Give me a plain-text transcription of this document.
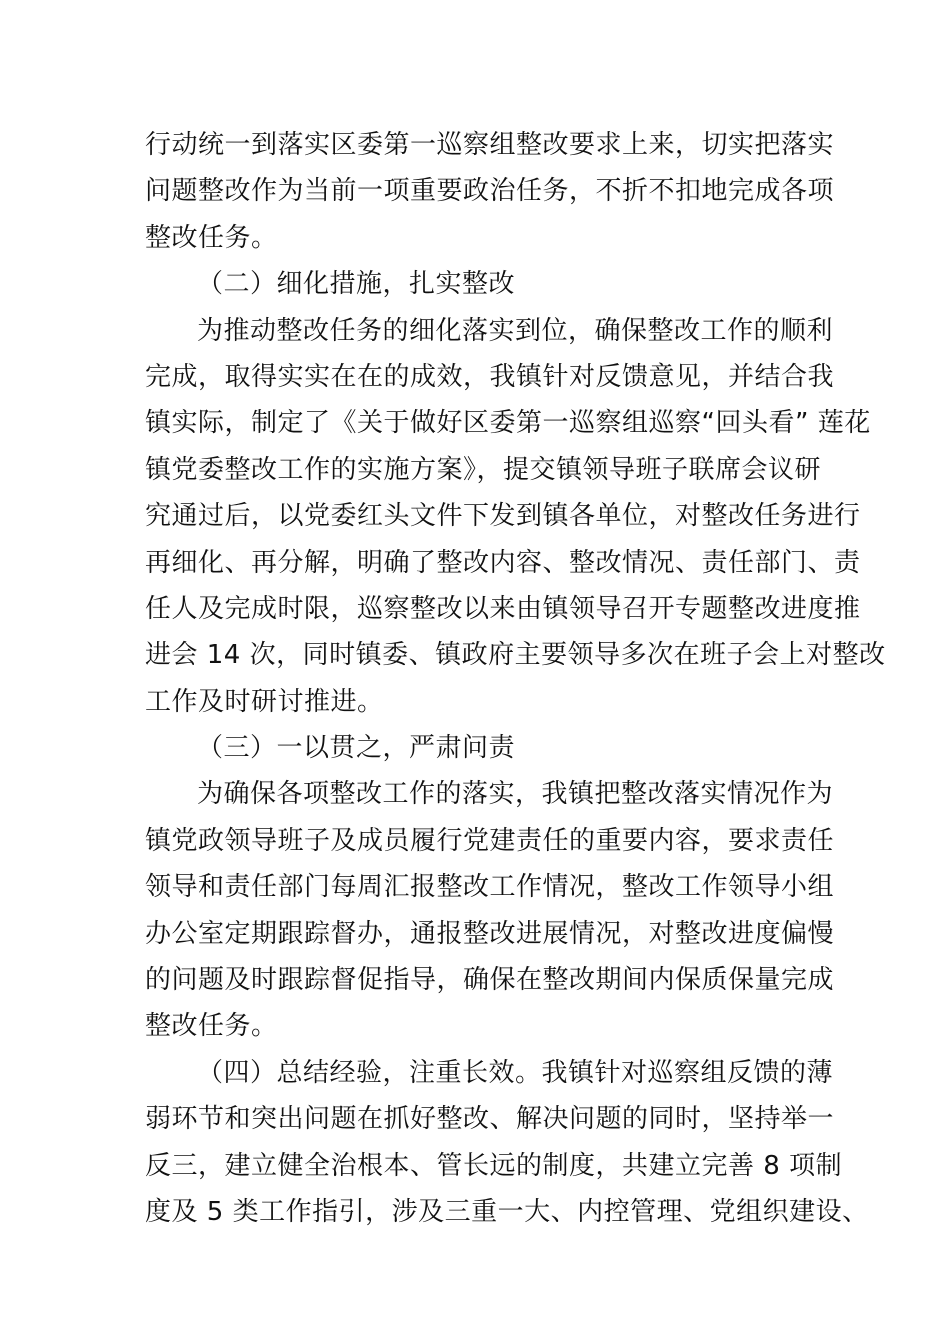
行动统一到落实区委第一巡察组整改要求上来，切实把落实
问题整改作为当前一项重要政治任务，不折不扣地完成各项
整改任务。
（二）细化措施，扎实整改
为推动整改任务的细化落实到位，确保整改工作的顺利
完成，取得实实在在的成效，我镇针对反馈意见，并结合我
镇实际，制定了《关于做好区委第一巡察组巡察“回头看” 莲花
镇党委整改工作的实施方案》，提交镇领导班子联席会议研
究通过后，以党委红头文件下发到镇各单位，对整改任务进行
再细化、再分解，明确了整改内容、整改情况、责任部门、责
任人及完成时限，巡察整改以来由镇领导召开专题整改进度推
进会 14 次，同时镇委、镇政府主要领导多次在班子会上对整改
工作及时研讨推进。
（三）一以贯之，严肃问责
为确保各项整改工作的落实，我镇把整改落实情况作为
镇党政领导班子及成员履行党建责任的重要内容，要求责任
领导和责任部门每周汇报整改工作情况，整改工作领导小组
办公室定期跟踪督办，通报整改进展情况，对整改进度偏慢
的问题及时跟踪督促指导，确保在整改期间内保质保量完成
整改任务。
（四）总结经验，注重长效。我镇针对巡察组反馈的薄
弱环节和突出问题在抓好整改、解决问题的同时，坚持举一
反三，建立健全治根本、管长远的制度，共建立完善 8 项制
度及 5 类工作指引，涉及三重一大、内控管理、党组织建设、
